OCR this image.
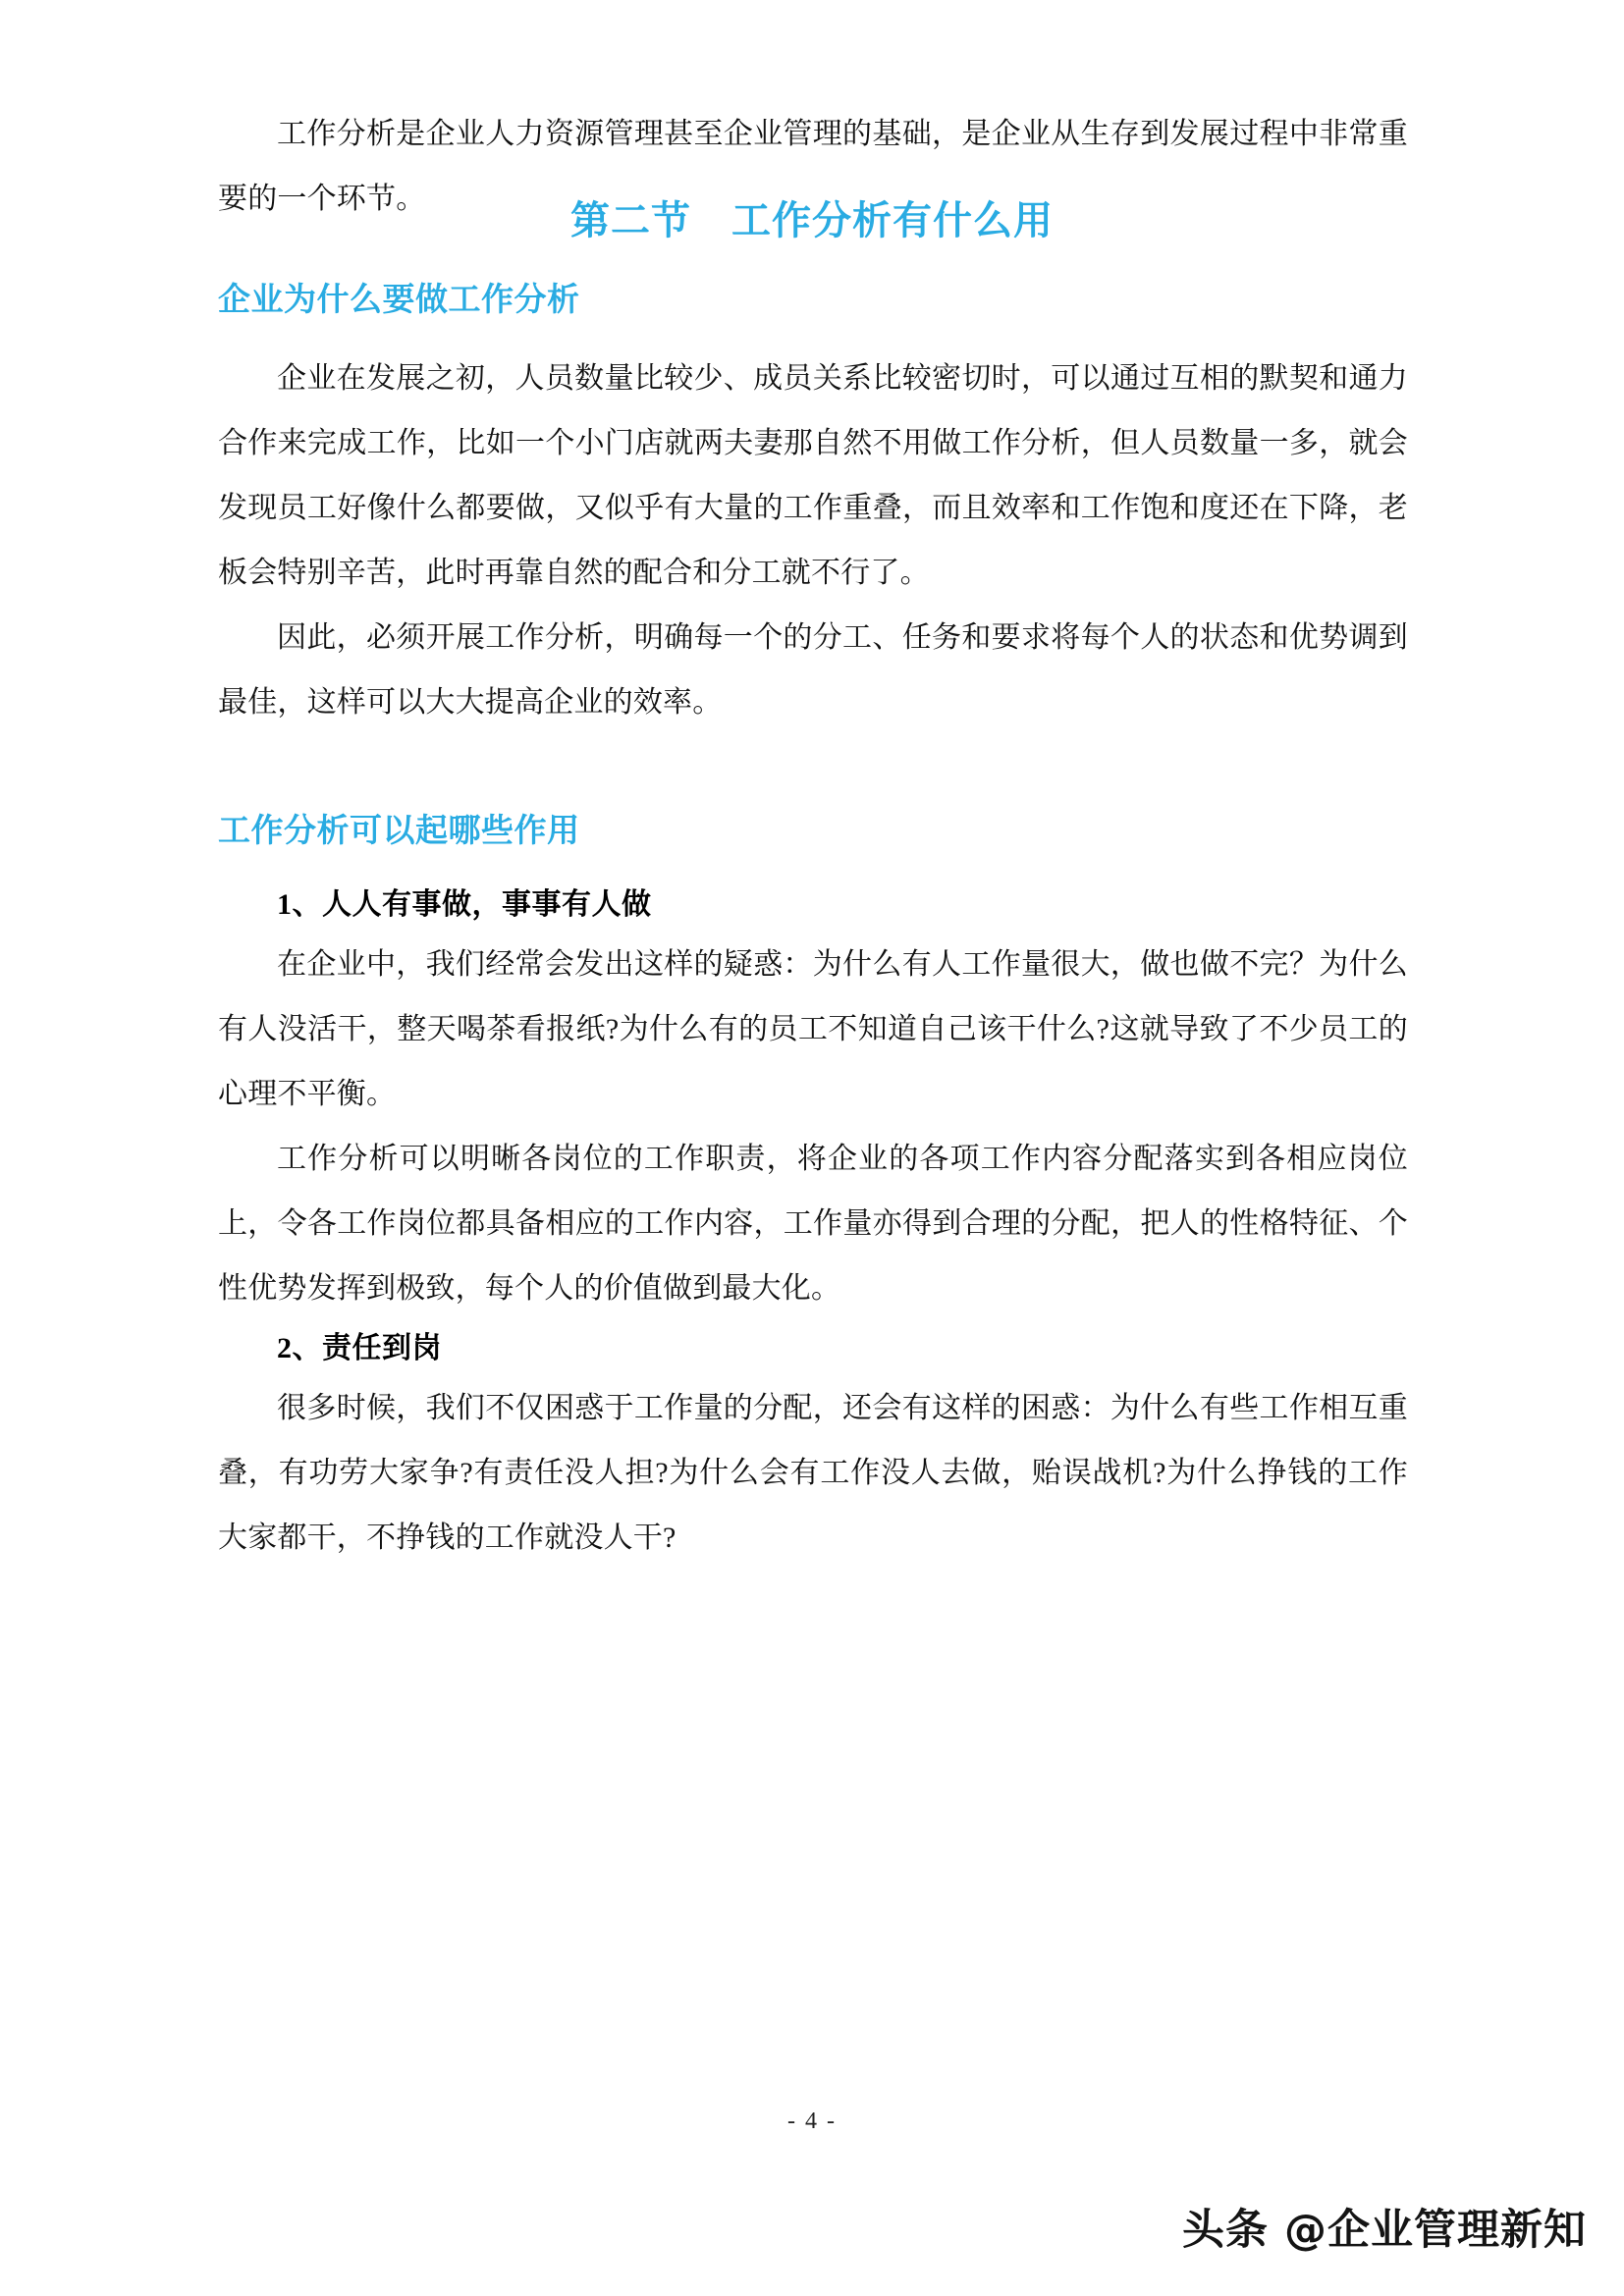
第二节　工作分析有什么用

工作分析是企业人力资源管理甚至企业管理的基础，是企业从生存到发展过程中非常重要的一个环节。

企业为什么要做工作分析

企业在发展之初，人员数量比较少、成员关系比较密切时，可以通过互相的默契和通力合作来完成工作，比如一个小门店就两夫妻那自然不用做工作分析，但人员数量一多，就会发现员工好像什么都要做，又似乎有大量的工作重叠，而且效率和工作饱和度还在下降，老板会特别辛苦，此时再靠自然的配合和分工就不行了。

因此，必须开展工作分析，明确每一个的分工、任务和要求将每个人的状态和优势调到最佳，这样可以大大提高企业的效率。

工作分析可以起哪些作用
1、人人有事做，事事有人做

在企业中，我们经常会发出这样的疑惑：为什么有人工作量很大，做也做不完？为什么有人没活干，整天喝茶看报纸?为什么有的员工不知道自己该干什么?这就导致了不少员工的心理不平衡。

工作分析可以明晰各岗位的工作职责，将企业的各项工作内容分配落实到各相应岗位上，令各工作岗位都具备相应的工作内容，工作量亦得到合理的分配，把人的性格特征、个性优势发挥到极致，每个人的价值做到最大化。

2、责任到岗

很多时候，我们不仅困惑于工作量的分配，还会有这样的困惑：为什么有些工作相互重叠，有功劳大家争?有责任没人担?为什么会有工作没人去做，贻误战机?为什么挣钱的工作大家都干，不挣钱的工作就没人干?

- 4 -
头条 @企业管理新知
